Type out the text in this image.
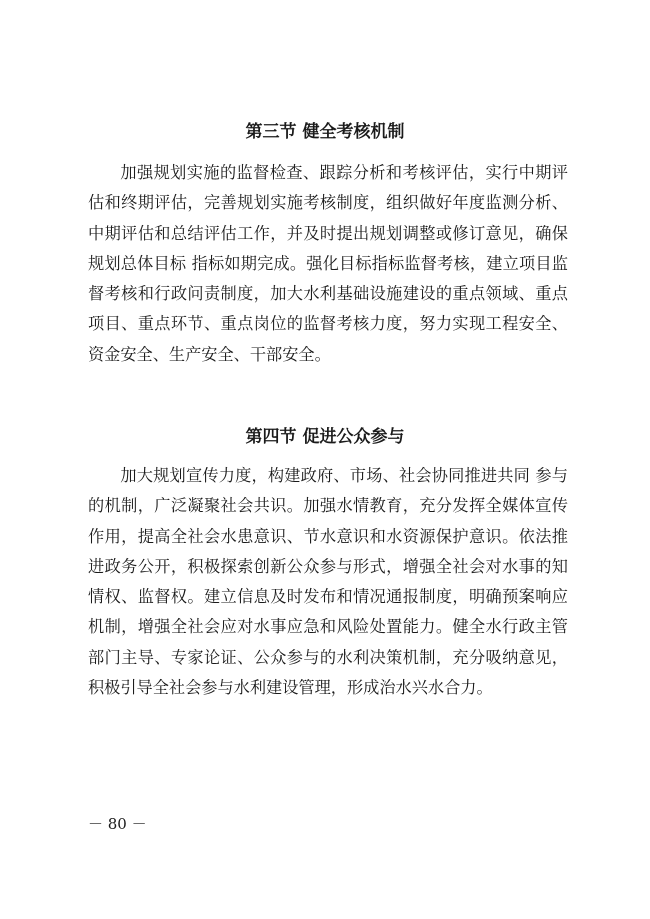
第三节 健全考核机制

加强规划实施的监督检查、跟踪分析和考核评估，实行中期评估和终期评估，完善规划实施考核制度，组织做好年度监测分析、中期评估和总结评估工作，并及时提出规划调整或修订意见，确保规划总体目标 指标如期完成。强化目标指标监督考核，建立项目监督考核和行政问责制度，加大水利基础设施建设的重点领域、重点项目、重点环节、重点岗位的监督考核力度，努力实现工程安全、资金安全、生产安全、干部安全。

第四节 促进公众参与

加大规划宣传力度，构建政府、市场、社会协同推进共同 参与的机制，广泛凝聚社会共识。加强水情教育，充分发挥全媒体宣传作用，提高全社会水患意识、节水意识和水资源保护意识。依法推进政务公开，积极探索创新公众参与形式，增强全社会对水事的知情权、监督权。建立信息及时发布和情况通报制度，明确预案响应机制，增强全社会应对水事应急和风险处置能力。健全水行政主管部门主导、专家论证、公众参与的水利决策机制，充分吸纳意见，积极引导全社会参与水利建设管理，形成治水兴水合力。

－ 80 －
